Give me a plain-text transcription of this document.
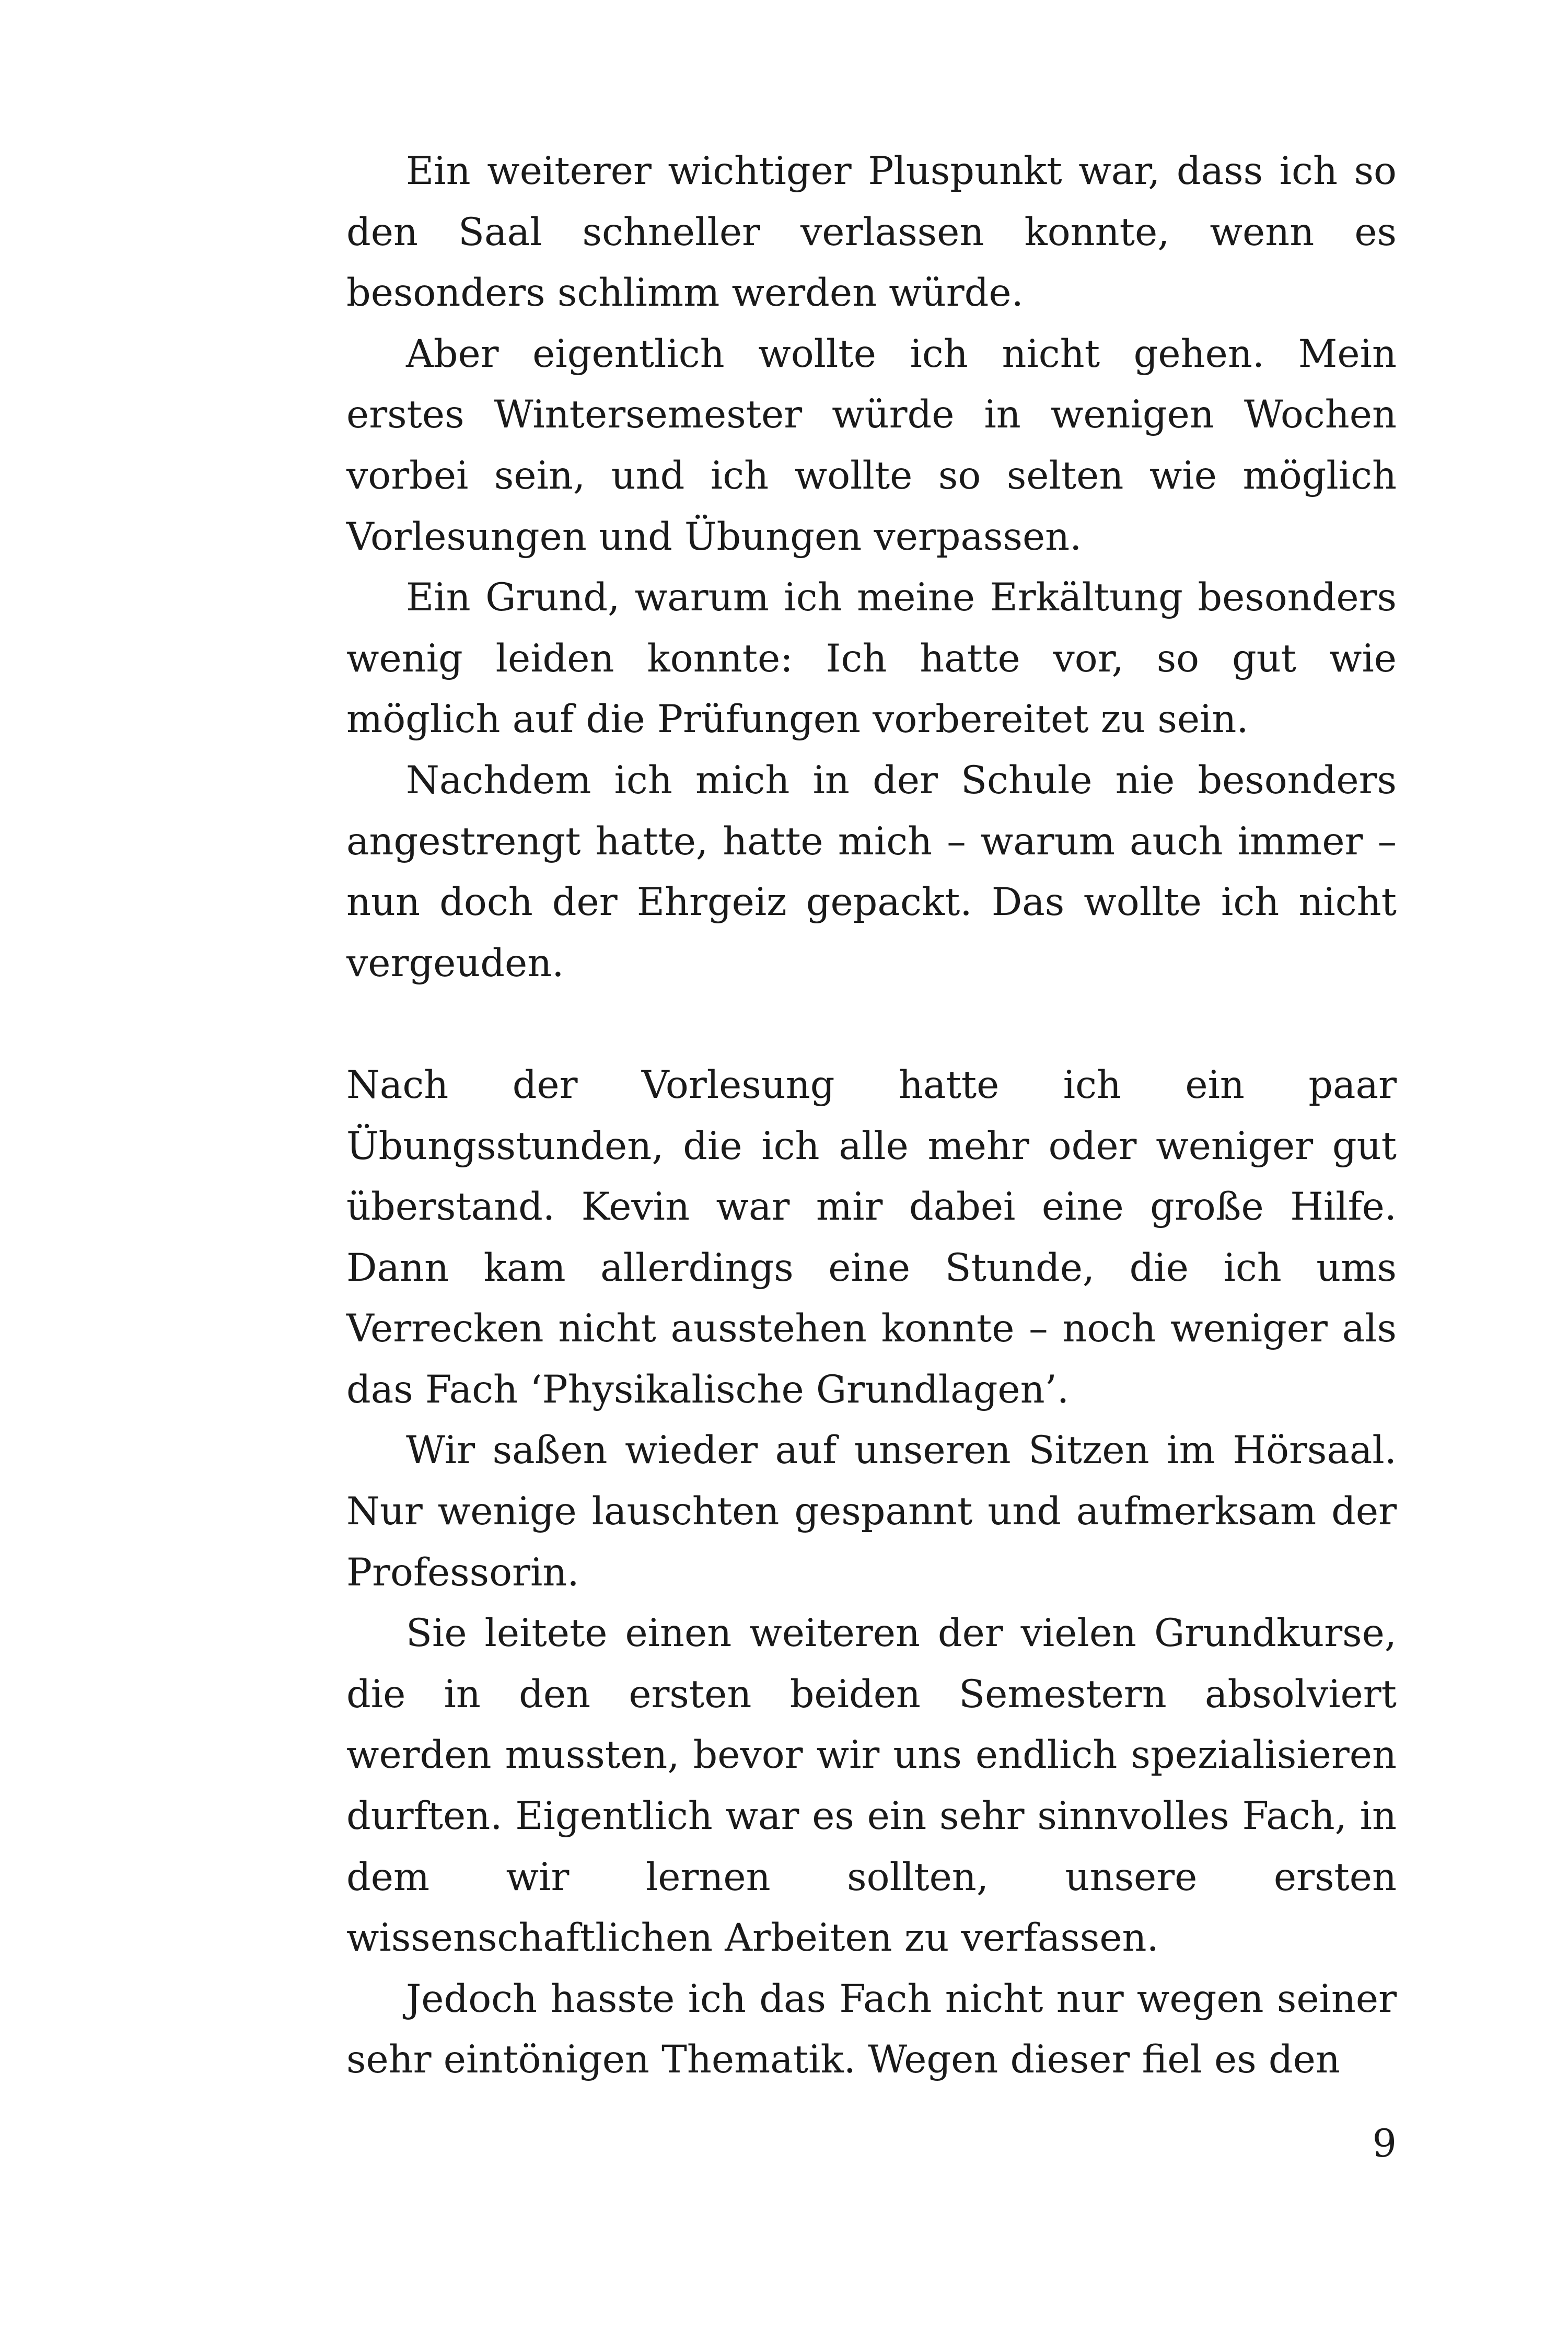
Ein weiterer wichtiger Pluspunkt war, dass ich so den Saal schneller verlassen konnte, wenn es besonders schlimm werden würde.

Aber eigentlich wollte ich nicht gehen. Mein erstes Wintersemester würde in wenigen Wochen vorbei sein, und ich wollte so selten wie möglich Vorlesungen und Übungen verpassen.

Ein Grund, warum ich meine Erkältung besonders wenig leiden konnte: Ich hatte vor, so gut wie möglich auf die Prüfungen vorbereitet zu sein.

Nachdem ich mich in der Schule nie besonders angestrengt hatte, hatte mich – warum auch immer – nun doch der Ehrgeiz gepackt. Das wollte ich nicht vergeuden.

Nach der Vorlesung hatte ich ein paar Übungsstunden, die ich alle mehr oder weniger gut überstand. Kevin war mir dabei eine große Hilfe. Dann kam allerdings eine Stunde, die ich ums Verrecken nicht ausstehen konnte – noch weniger als das Fach ‘Physikalische Grundlagen’.

Wir saßen wieder auf unseren Sitzen im Hörsaal. Nur wenige lauschten gespannt und aufmerksam der Professorin.

Sie leitete einen weiteren der vielen Grundkurse, die in den ersten beiden Semestern absolviert werden mussten, bevor wir uns endlich spezialisieren durften. Eigentlich war es ein sehr sinnvolles Fach, in dem wir lernen sollten, unsere ersten wissenschaftlichen Arbeiten zu verfassen.

Jedoch hasste ich das Fach nicht nur wegen seiner sehr eintönigen Thematik. Wegen dieser fiel es den

9
